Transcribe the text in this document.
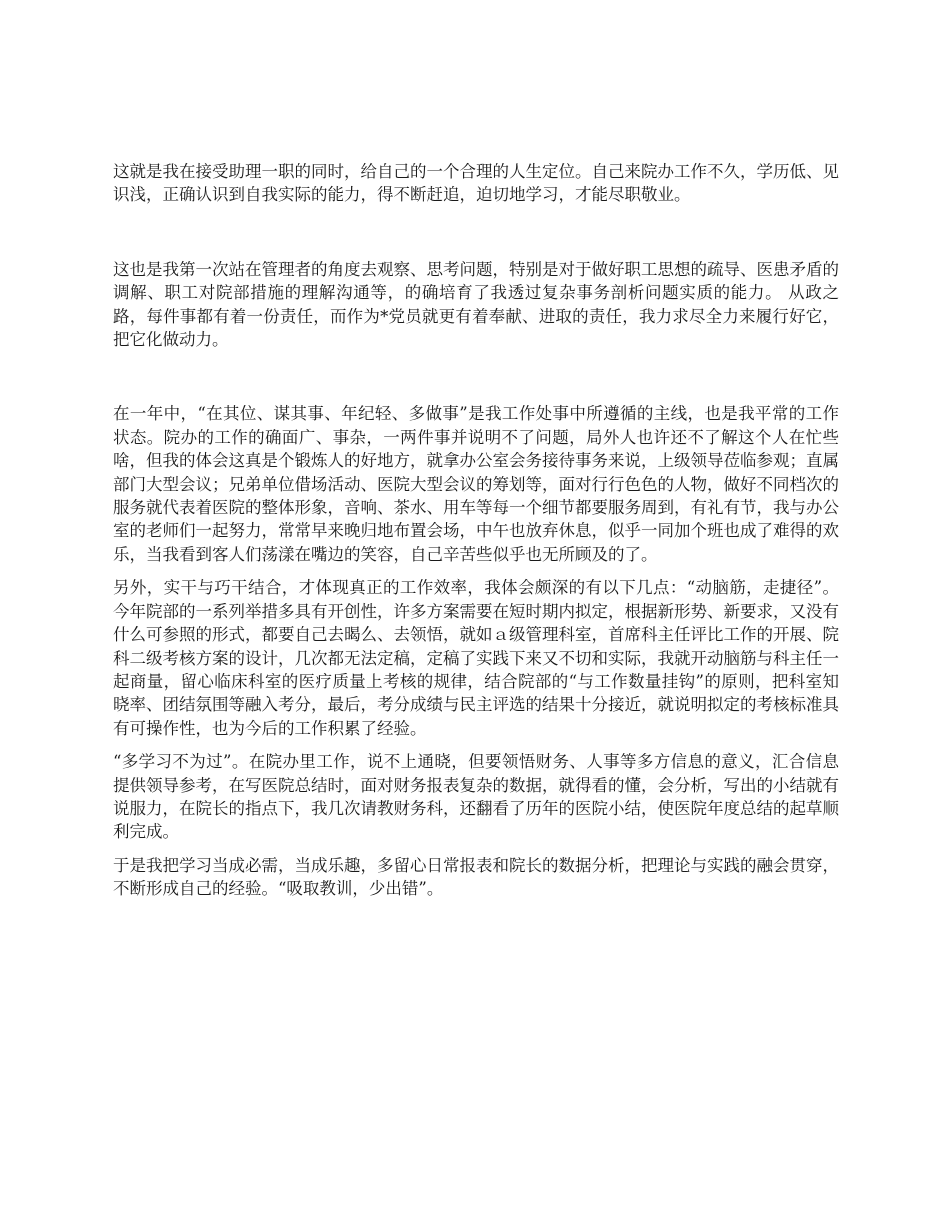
这就是我在接受助理一职的同时，给自己的一个合理的人生定位。自己来院办工作不久，学历低、见识浅，正确认识到自我实际的能力，得不断赶追，迫切地学习，才能尽职敬业。

这也是我第一次站在管理者的角度去观察、思考问题，特别是对于做好职工思想的疏导、医患矛盾的调解、职工对院部措施的理解沟通等，的确培育了我透过复杂事务剖析问题实质的能力。 从政之路，每件事都有着一份责任，而作为*党员就更有着奉献、进取的责任，我力求尽全力来履行好它，把它化做动力。

在一年中，“在其位、谋其事、年纪轻、多做事”是我工作处事中所遵循的主线，也是我平常的工作状态。院办的工作的确面广、事杂，一两件事并说明不了问题，局外人也许还不了解这个人在忙些啥，但我的体会这真是个锻炼人的好地方，就拿办公室会务接待事务来说，上级领导莅临参观；直属部门大型会议；兄弟单位借场活动、医院大型会议的筹划等，面对行行色色的人物，做好不同档次的服务就代表着医院的整体形象，音响、茶水、用车等每一个细节都要服务周到，有礼有节，我与办公室的老师们一起努力，常常早来晚归地布置会场，中午也放弃休息，似乎一同加个班也成了难得的欢乐，当我看到客人们荡漾在嘴边的笑容，自己辛苦些似乎也无所顾及的了。

另外，实干与巧干结合，才体现真正的工作效率，我体会颇深的有以下几点：“动脑筋，走捷径”。今年院部的一系列举措多具有开创性，许多方案需要在短时期内拟定，根据新形势、新要求，又没有什么可参照的形式，都要自己去暍么、去领悟，就如ａ级管理科室，首席科主任评比工作的开展、院科二级考核方案的设计，几次都无法定稿，定稿了实践下来又不切和实际，我就开动脑筋与科主任一起商量，留心临床科室的医疗质量上考核的规律，结合院部的“与工作数量挂钩”的原则，把科室知晓率、团结氛围等融入考分，最后，考分成绩与民主评选的结果十分接近，就说明拟定的考核标准具有可操作性，也为今后的工作积累了经验。

“多学习不为过”。在院办里工作，说不上通晓，但要领悟财务、人事等多方信息的意义，汇合信息提供领导参考，在写医院总结时，面对财务报表复杂的数据，就得看的懂，会分析，写出的小结就有说服力，在院长的指点下，我几次请教财务科，还翻看了历年的医院小结，使医院年度总结的起草顺利完成。

于是我把学习当成必需，当成乐趣，多留心日常报表和院长的数据分析，把理论与实践的融会贯穿，不断形成自己的经验。“吸取教训，少出错”。
